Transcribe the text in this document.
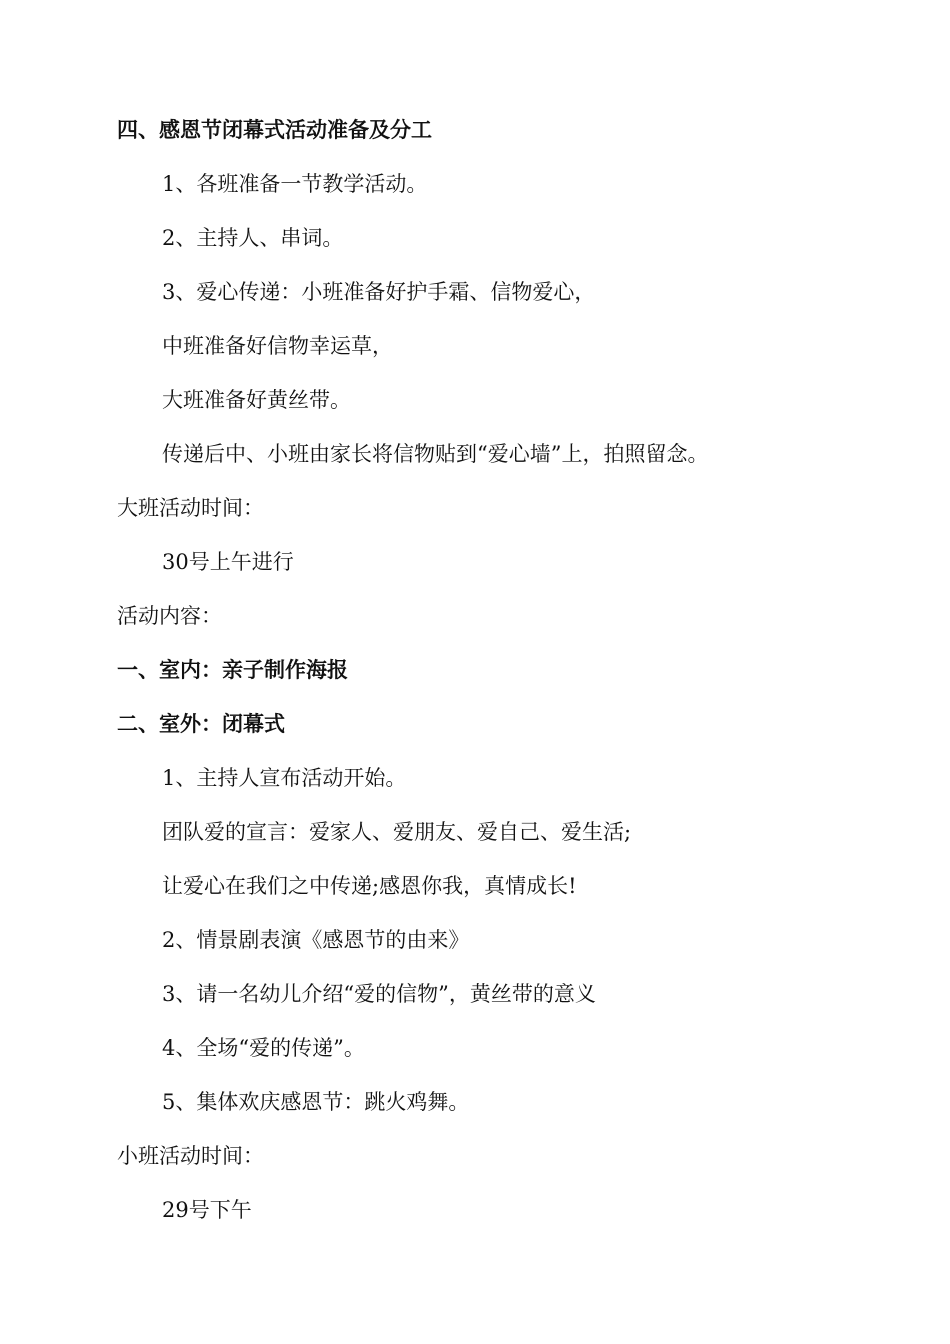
四、感恩节闭幕式活动准备及分工
1、各班准备一节教学活动。
2、主持人、串词。
3、爱心传递：小班准备好护手霜、信物爱心，
中班准备好信物幸运草，
大班准备好黄丝带。
传递后中、小班由家长将信物贴到“爱心墙”上，拍照留念。
大班活动时间：
30号上午进行
活动内容：
一、室内：亲子制作海报
二、室外：闭幕式
1、主持人宣布活动开始。
团队爱的宣言：爱家人、爱朋友、爱自己、爱生活;
让爱心在我们之中传递;感恩你我，真情成长!
2、情景剧表演《感恩节的由来》
3、请一名幼儿介绍“爱的信物”，黄丝带的意义
4、全场“爱的传递”。
5、集体欢庆感恩节：跳火鸡舞。
小班活动时间：
29号下午
